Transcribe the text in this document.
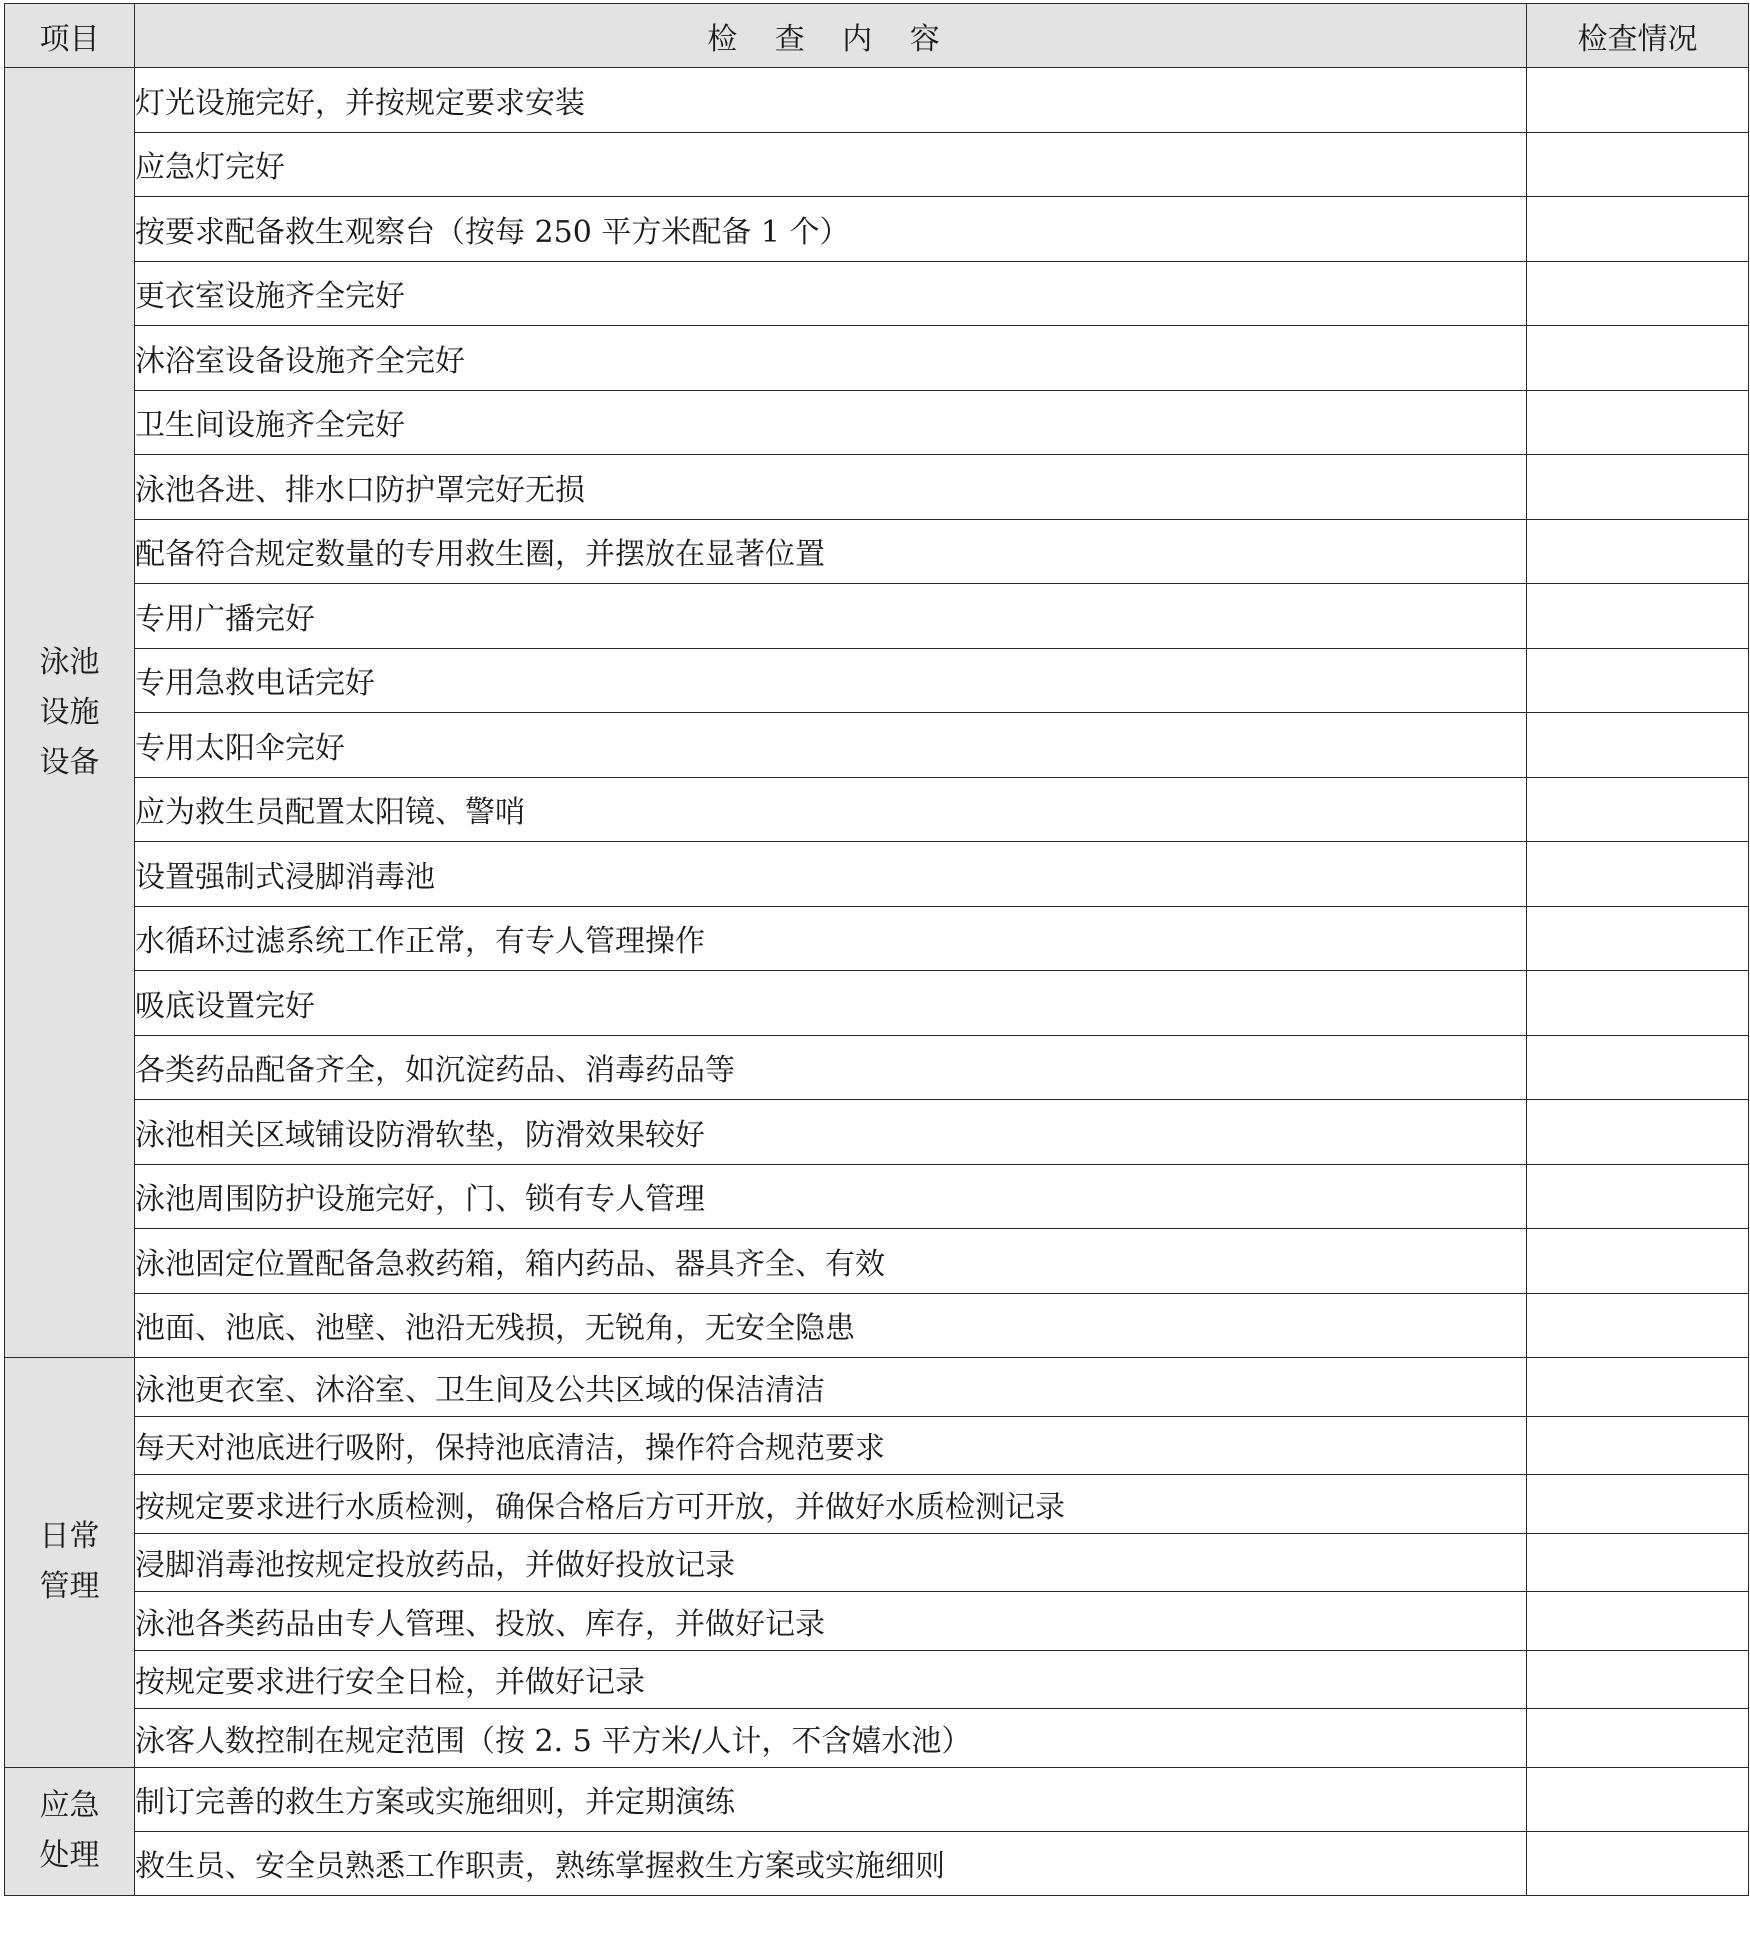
项目	检 查 内 容	检查情况

泳池
设施
设备	灯光设施完好，并按规定要求安装	
	应急灯完好	
	按要求配备救生观察台（按每 250 平方米配备 1 个）	
	更衣室设施齐全完好	
	沐浴室设备设施齐全完好	
	卫生间设施齐全完好	
	泳池各进、排水口防护罩完好无损	
	配备符合规定数量的专用救生圈，并摆放在显著位置	
	专用广播完好	
	专用急救电话完好	
	专用太阳伞完好	
	应为救生员配置太阳镜、警哨	
	设置强制式浸脚消毒池	
	水循环过滤系统工作正常，有专人管理操作	
	吸底设置完好	
	各类药品配备齐全，如沉淀药品、消毒药品等	
	泳池相关区域铺设防滑软垫，防滑效果较好	
	泳池周围防护设施完好，门、锁有专人管理	
	泳池固定位置配备急救药箱，箱内药品、器具齐全、有效	
	池面、池底、池壁、池沿无残损，无锐角，无安全隐患	

日常
管理	泳池更衣室、沐浴室、卫生间及公共区域的保洁清洁	
	每天对池底进行吸附，保持池底清洁，操作符合规范要求	
	按规定要求进行水质检测，确保合格后方可开放，并做好水质检测记录	
	浸脚消毒池按规定投放药品，并做好投放记录	
	泳池各类药品由专人管理、投放、库存，并做好记录	
	按规定要求进行安全日检，并做好记录	
	泳客人数控制在规定范围（按 2. 5 平方米/人计，不含嬉水池）	

应急
处理	制订完善的救生方案或实施细则，并定期演练	
	救生员、安全员熟悉工作职责，熟练掌握救生方案或实施细则	
